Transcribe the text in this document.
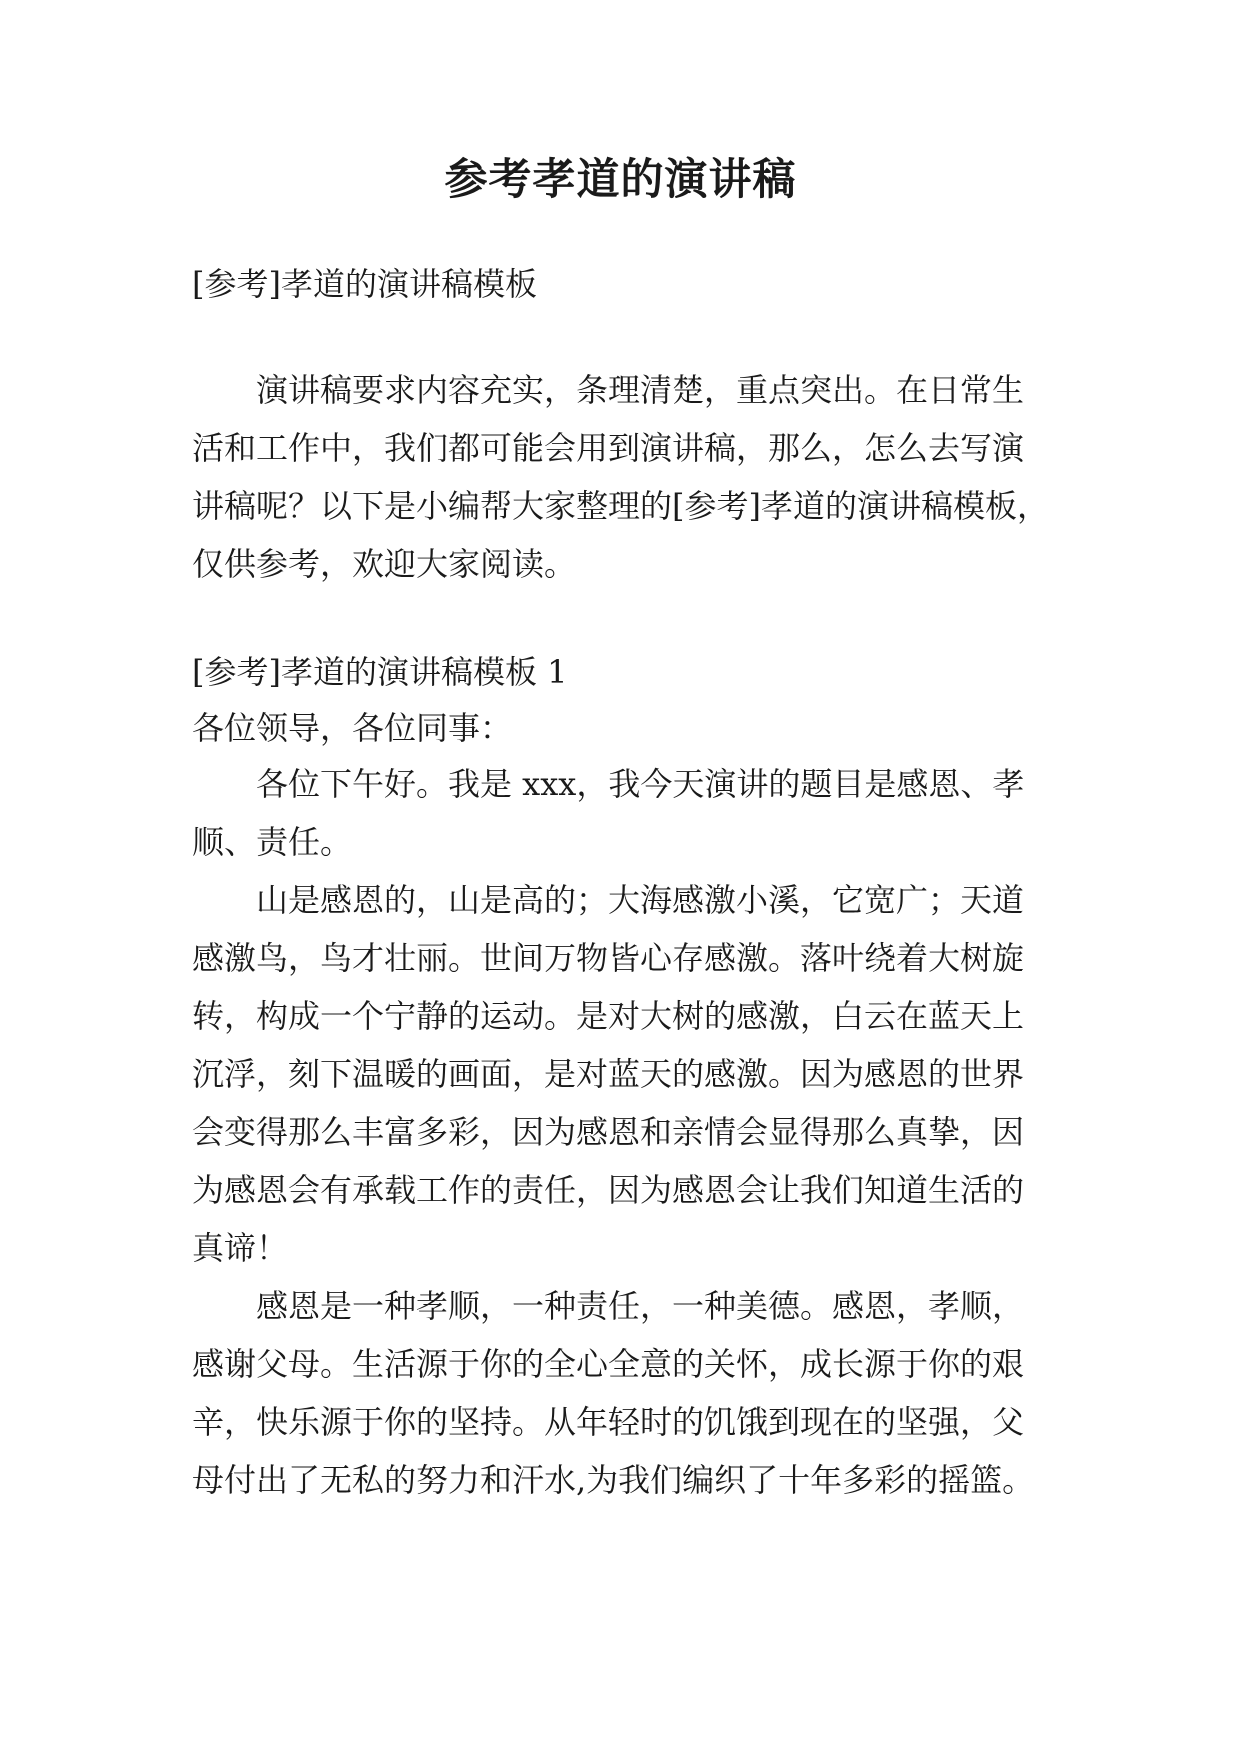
参考孝道的演讲稿

[参考]孝道的演讲稿模板

演讲稿要求内容充实，条理清楚，重点突出。在日常生

活和工作中，我们都可能会用到演讲稿，那么，怎么去写演

讲稿呢？以下是小编帮大家整理的[参考]孝道的演讲稿模板，

仅供参考，欢迎大家阅读。

[参考]孝道的演讲稿模板 1

各位领导，各位同事：

各位下午好。我是 xxx，我今天演讲的题目是感恩、孝

顺、责任。

山是感恩的，山是高的；大海感激小溪，它宽广；天道

感激鸟，鸟才壮丽。世间万物皆心存感激。落叶绕着大树旋

转，构成一个宁静的运动。是对大树的感激，白云在蓝天上

沉浮，刻下温暖的画面，是对蓝天的感激。因为感恩的世界

会变得那么丰富多彩，因为感恩和亲情会显得那么真挚，因

为感恩会有承载工作的责任，因为感恩会让我们知道生活的

真谛！

感恩是一种孝顺，一种责任，一种美德。感恩，孝顺，

感谢父母。生活源于你的全心全意的关怀，成长源于你的艰

辛，快乐源于你的坚持。从年轻时的饥饿到现在的坚强，父

母付出了无私的努力和汗水,为我们编织了十年多彩的摇篮。
